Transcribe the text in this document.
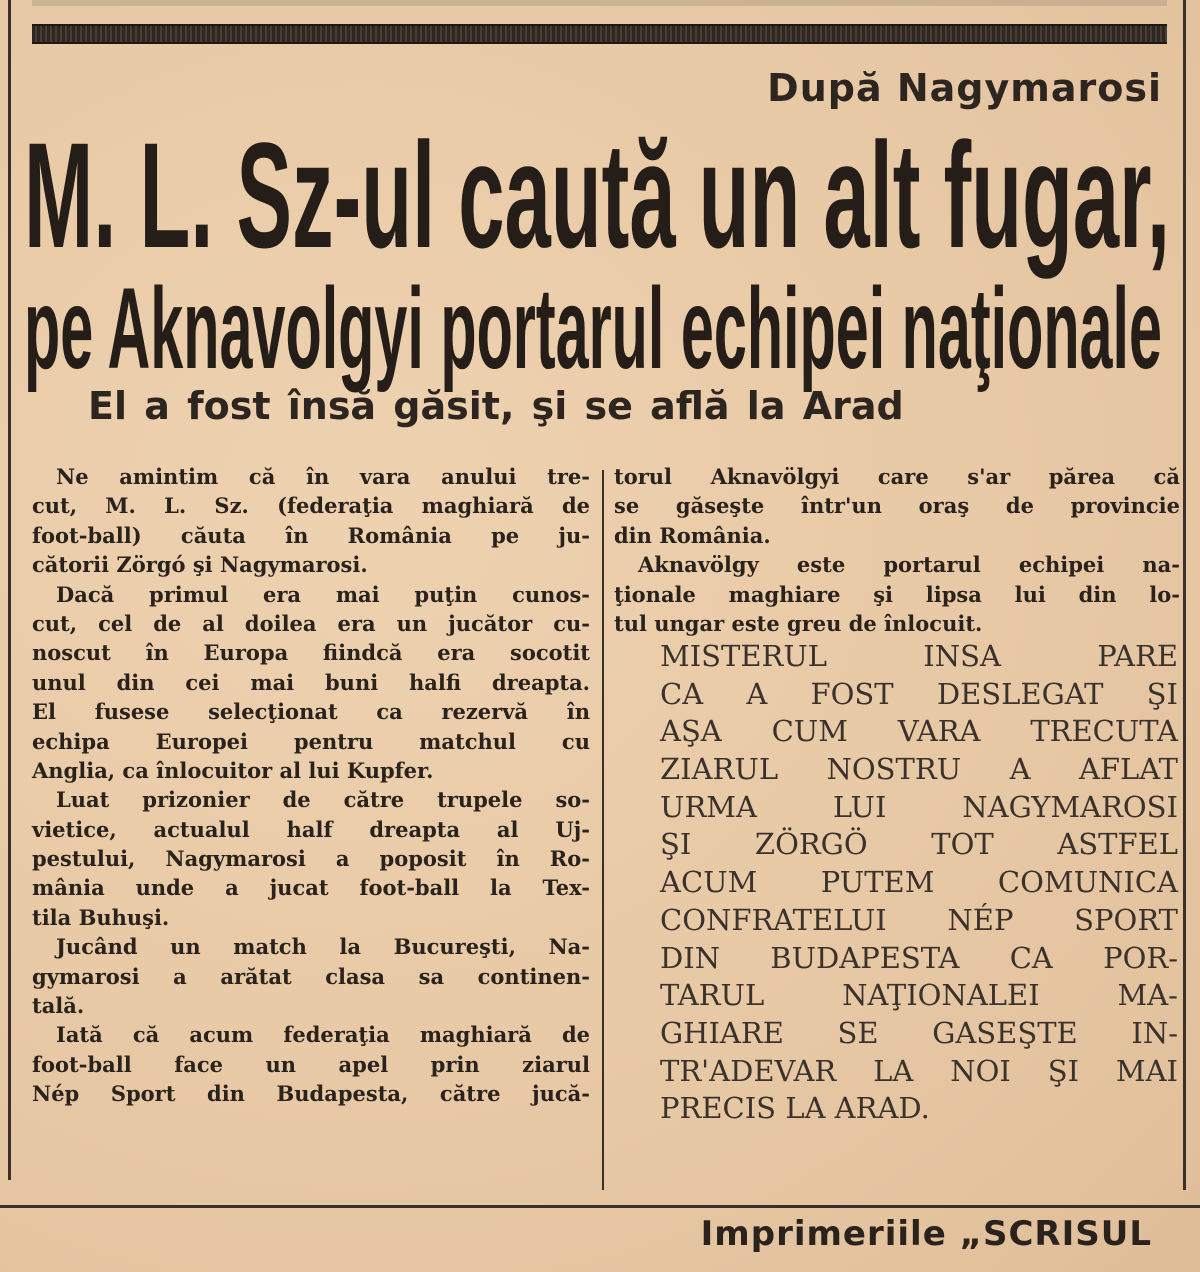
După Nagymarosi
M. L. Sz-ul caută un alt fugar,
pe Aknavolgyi portarul echipei naţionale
El a fost însă găsit, şi se află la Arad
Ne amintim că în vara anului tre-
cut, M. L. Sz. (federaţia maghiară de
foot-ball) căuta în România pe ju-
cătorii Zörgó şi Nagymarosi.
Dacă primul era mai puţin cunos-
cut, cel de al doilea era un jucător cu-
noscut în Europa fiindcă era socotit
unul din cei mai buni halfi dreapta.
El fusese selecţionat ca rezervă în
echipa Europei pentru matchul cu
Anglia, ca înlocuitor al lui Kupfer.
Luat prizonier de către trupele so-
vietice, actualul half dreapta al Uj-
pestului, Nagymarosi a poposit în Ro-
mânia unde a jucat foot-ball la Tex-
tila Buhuşi.
Jucând un match la Bucureşti, Na-
gymarosi a arătat clasa sa continen-
tală.
Iată că acum federaţia maghiară de
foot-ball face un apel prin ziarul
Nép Sport din Budapesta, către jucă-
torul Aknavölgyi care s'ar părea că
se găseşte într'un oraş de provincie
din România.
Aknavölgy este portarul echipei na-
ţionale maghiare şi lipsa lui din lo-
tul ungar este greu de înlocuit.
MISTERUL INSA PARE
CA A FOST DESLEGAT ŞI
AŞA CUM VARA TRECUTA
ZIARUL NOSTRU A AFLAT
URMA LUI NAGYMAROSI
ŞI ZÖRGÖ TOT ASTFEL
ACUM PUTEM COMUNICA
CONFRATELUI NÉP SPORT
DIN BUDAPESTA CA POR-
TARUL NAŢIONALEI MA-
GHIARE SE GASEŞTE IN-
TR'ADEVAR LA NOI ŞI MAI
PRECIS LA ARAD.
Imprimeriile „SCRISUL
